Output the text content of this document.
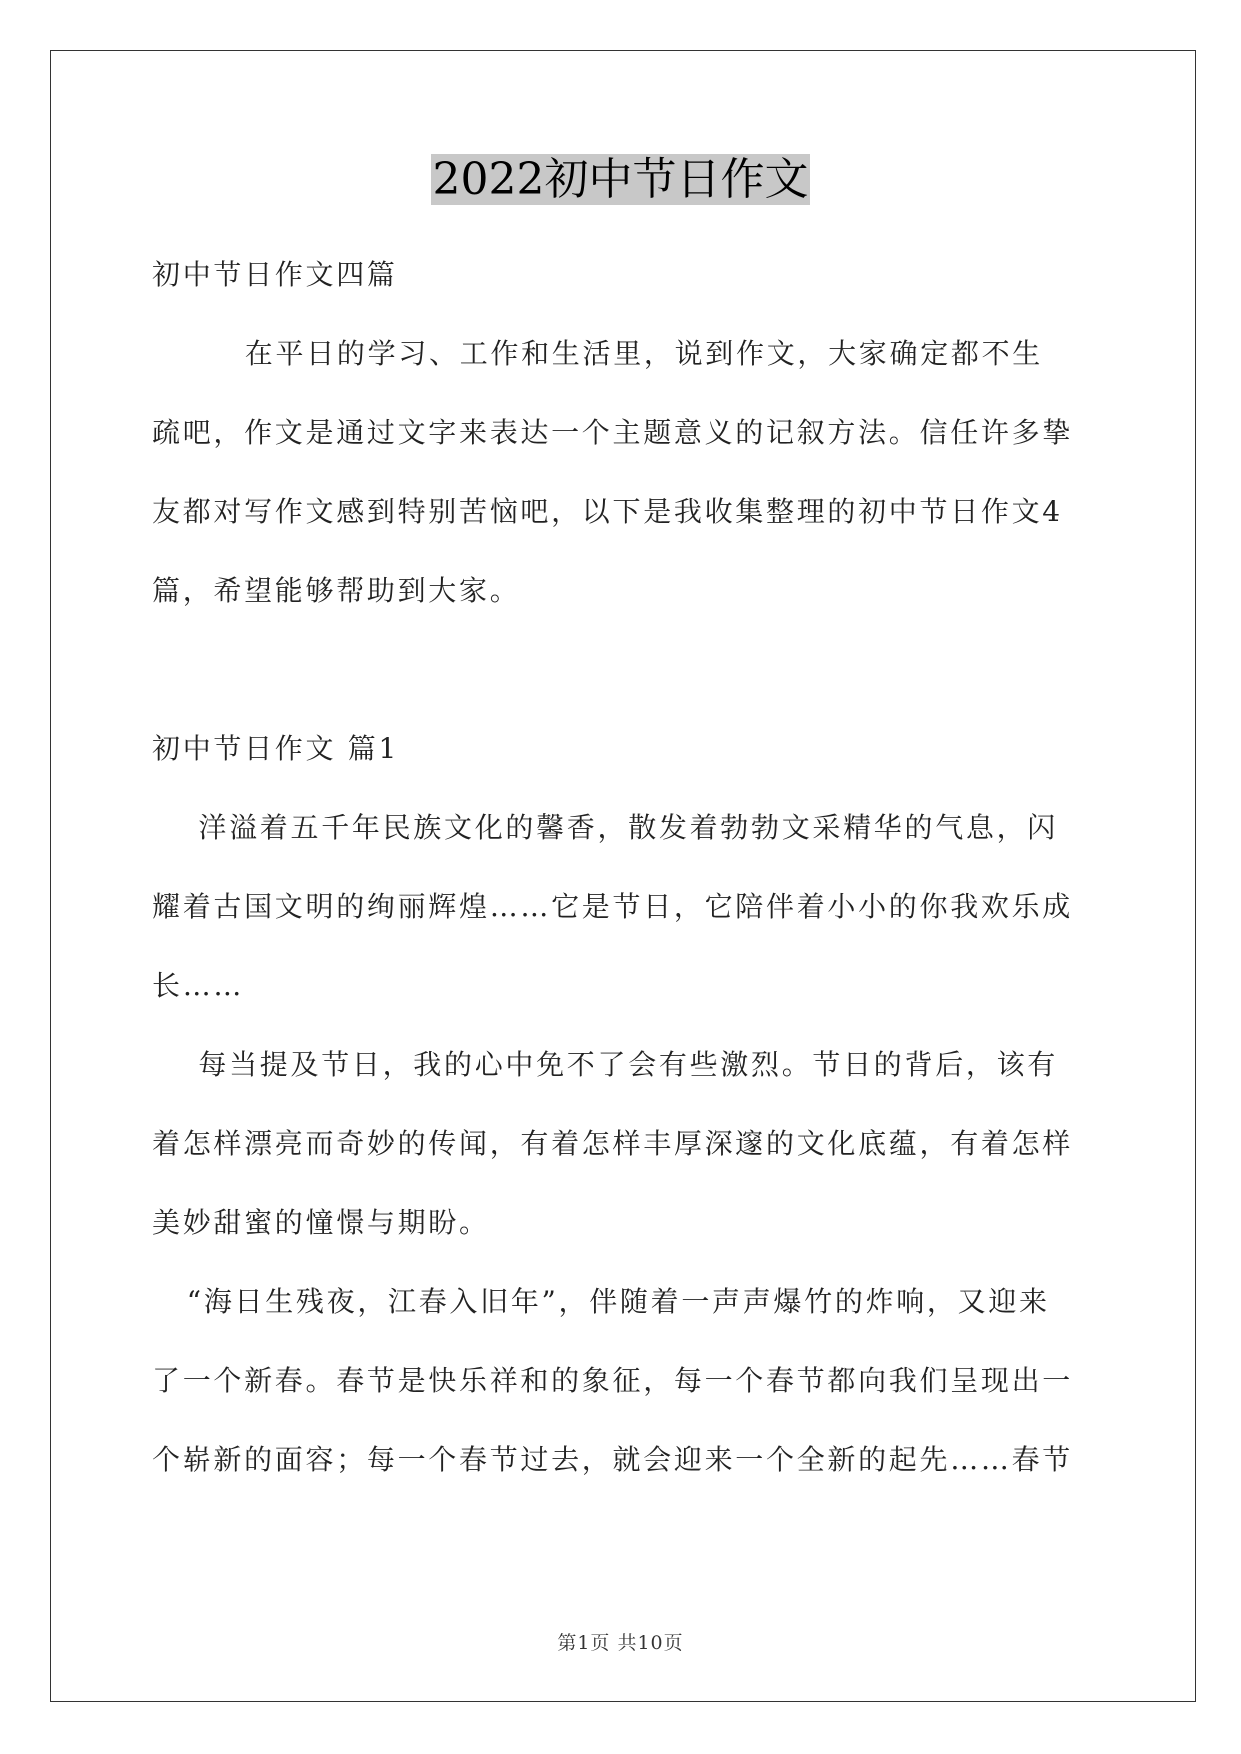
2022初中节日作文
初中节日作文四篇
在平日的学习、工作和生活里，说到作文，大家确定都不生
疏吧，作文是通过文字来表达一个主题意义的记叙方法。信任许多挚
友都对写作文感到特别苦恼吧，以下是我收集整理的初中节日作文4
篇，希望能够帮助到大家。
初中节日作文 篇1
洋溢着五千年民族文化的馨香，散发着勃勃文采精华的气息，闪
耀着古国文明的绚丽辉煌……它是节日，它陪伴着小小的你我欢乐成
长……
每当提及节日，我的心中免不了会有些激烈。节日的背后，该有
着怎样漂亮而奇妙的传闻，有着怎样丰厚深邃的文化底蕴，有着怎样
美妙甜蜜的憧憬与期盼。
“海日生残夜，江春入旧年”，伴随着一声声爆竹的炸响，又迎来
了一个新春。春节是快乐祥和的象征，每一个春节都向我们呈现出一
个崭新的面容；每一个春节过去，就会迎来一个全新的起先……春节
第1页 共10页
